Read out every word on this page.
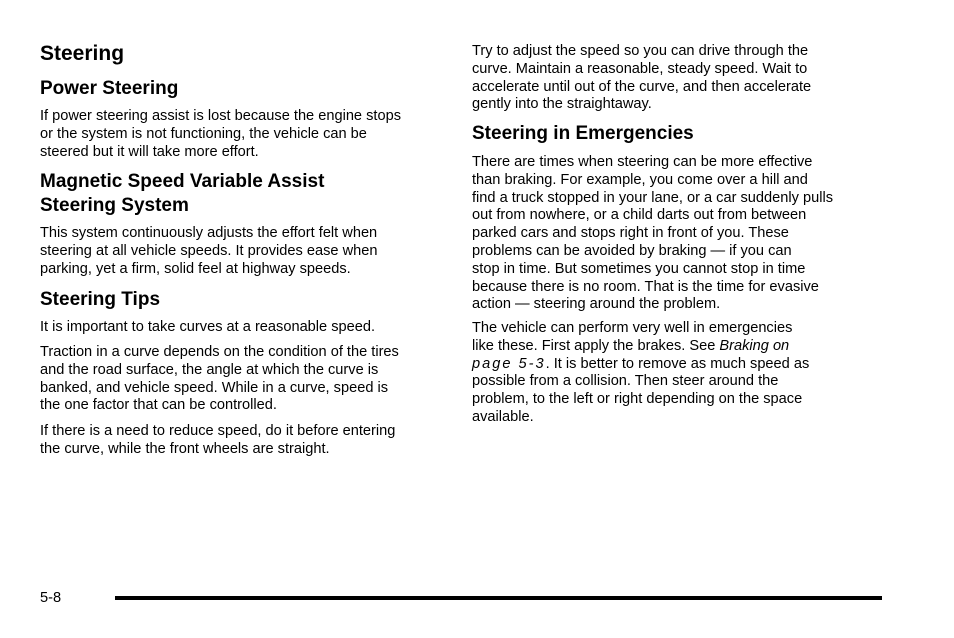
Steering
Power Steering
If power steering assist is lost because the engine stops
or the system is not functioning, the vehicle can be
steered but it will take more effort.
Magnetic Speed Variable Assist
Steering System
This system continuously adjusts the effort felt when
steering at all vehicle speeds. It provides ease when
parking, yet a firm, solid feel at highway speeds.
Steering Tips
It is important to take curves at a reasonable speed.
Traction in a curve depends on the condition of the tires
and the road surface, the angle at which the curve is
banked, and vehicle speed. While in a curve, speed is
the one factor that can be controlled.
If there is a need to reduce speed, do it before entering
the curve, while the front wheels are straight.
Try to adjust the speed so you can drive through the
curve. Maintain a reasonable, steady speed. Wait to
accelerate until out of the curve, and then accelerate
gently into the straightaway.
Steering in Emergencies
There are times when steering can be more effective
than braking. For example, you come over a hill and
find a truck stopped in your lane, or a car suddenly pulls
out from nowhere, or a child darts out from between
parked cars and stops right in front of you. These
problems can be avoided by braking — if you can
stop in time. But sometimes you cannot stop in time
because there is no room. That is the time for evasive
action — steering around the problem.
The vehicle can perform very well in emergencies
like these. First apply the brakes. See Braking on
page 5-3. It is better to remove as much speed as
possible from a collision. Then steer around the
problem, to the left or right depending on the space
available.
5-8
